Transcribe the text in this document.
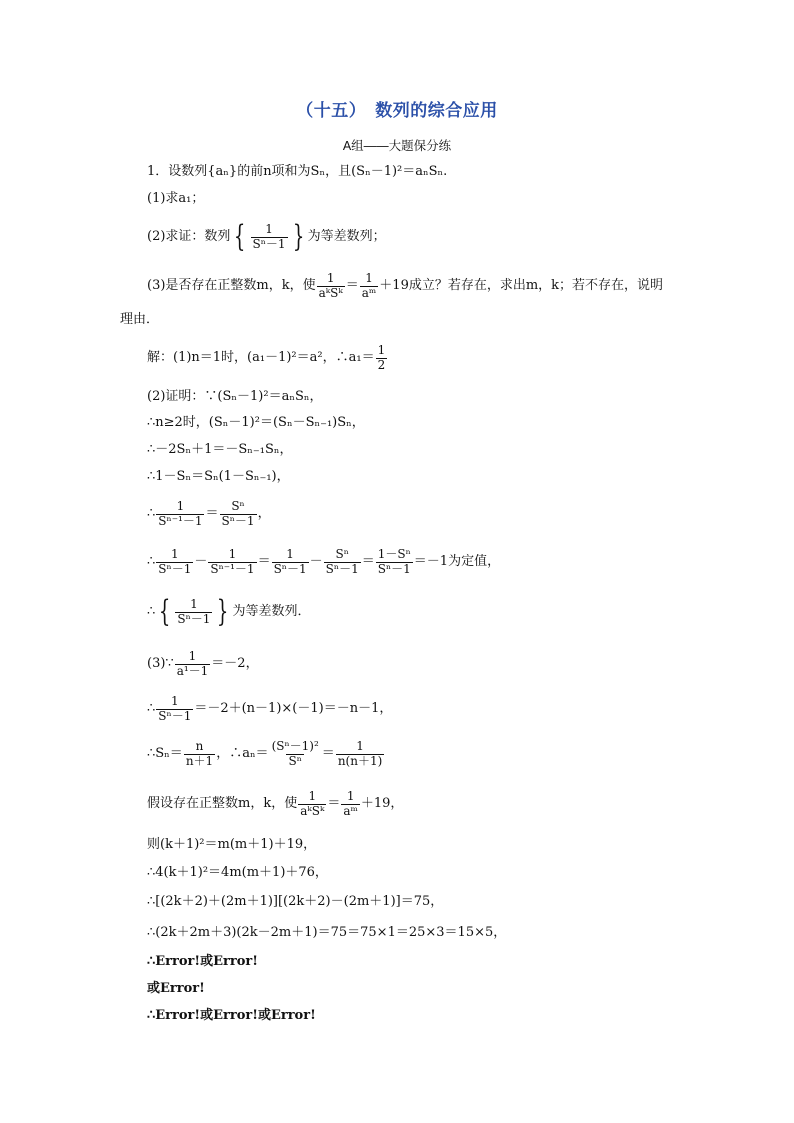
（十五）　数列的综合应用
A组——大题保分练
1．设数列{aₙ}的前n项和为Sₙ，且(Sₙ－1)²＝aₙSₙ.
(1)求a₁；
(2)求证：数列 { $\frac{1}{\text{Sⁿ－1}}$ } 为等差数列；
(3)是否存在正整数m，k，使 $\frac{1}{\text{aᵏSᵏ}} = \frac{1}{\text{aᵐ}} +19$成立？若存在，求出m，k；若不存在，说明
理由．
解：(1)n＝1时，(a₁－1)²＝a²，∴a₁＝ $\frac{1}{2}$
(2)证明：∵(Sₙ－1)²＝aₙSₙ，
∴n≥2时，(Sₙ－1)²＝(Sₙ－Sₙ₋₁)Sₙ，
∴－2Sₙ＋1＝－Sₙ₋₁Sₙ，
∴1－Sₙ＝Sₙ(1－Sₙ₋₁)，
∴ $\frac{1}{\text{Sⁿ⁻¹－1}} = \frac{\text{Sⁿ}}{\text{Sⁿ－1}}$ ，
∴ $\frac{1}{\text{Sⁿ－1}} - \frac{1}{\text{Sⁿ⁻¹－1}} = \frac{1}{\text{Sⁿ－1}} - \frac{\text{Sⁿ}}{\text{Sⁿ－1}} = \frac{\text{1－Sⁿ}}{\text{Sⁿ－1}} =-1$为定值，
∴ { $\frac{1}{\text{Sⁿ－1}}$ } 为等差数列．
(3)∵ $\frac{1}{\text{a¹－1}} =-2$，
∴ $\frac{1}{\text{Sⁿ－1}} =-2+(n-1)\times(-1)=-n-1$，
∴Sₙ＝ $\frac{n}{n+1}$ ，∴aₙ＝ $\frac{\text{(Sⁿ－1)²}}{\text{Sⁿ}} = \frac{1}{n(n+1)}$
假设存在正整数m，k，使 $\frac{1}{\text{aᵏSᵏ}} = \frac{1}{\text{aᵐ}} +19$，
则(k＋1)²＝m(m＋1)＋19，
∴4(k＋1)²＝4m(m＋1)＋76，
∴[(2k＋2)＋(2m＋1)][(2k＋2)－(2m＋1)]＝75，
∴(2k＋2m＋3)(2k－2m＋1)＝75＝75×1＝25×3＝15×5，
∴Error!或Error!
或Error!
∴Error!或Error!或Error!
